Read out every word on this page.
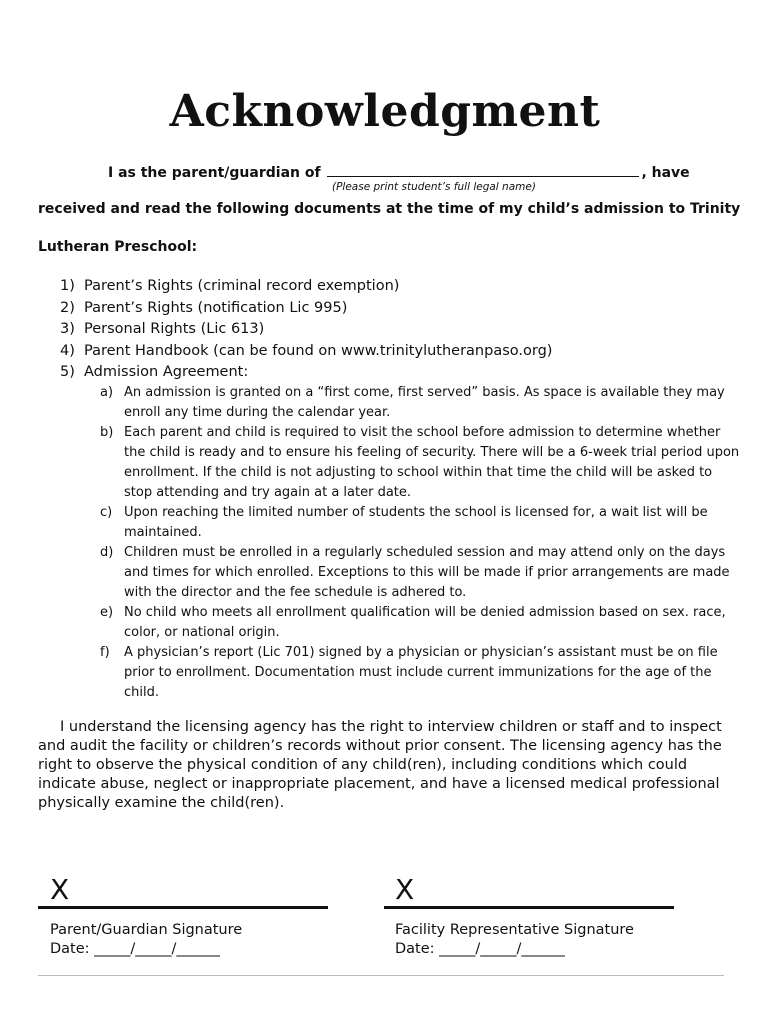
Acknowledgment
I as the parent/guardian of	, have
(Please print student’s full legal name)
received and read the following documents at the time of my child’s admission to Trinity
Lutheran Preschool:
1) Parent’s Rights (criminal record exemption)
2) Parent’s Rights (notification Lic 995)
3) Personal Rights (Lic 613)
4) Parent Handbook (can be found on www.trinitylutheranpaso.org)
5) Admission Agreement:
a) An admission is granted on a “first come, first served” basis. As space is available they may enroll any time during the calendar year.
b) Each parent and child is required to visit the school before admission to determine whether the child is ready and to ensure his feeling of security. There will be a 6-week trial period upon enrollment. If the child is not adjusting to school within that time the child will be asked to stop attending and try again at a later date.
c) Upon reaching the limited number of students the school is licensed for, a wait list will be maintained.
d) Children must be enrolled in a regularly scheduled session and may attend only on the days and times for which enrolled. Exceptions to this will be made if prior arrangements are made with the director and the fee schedule is adhered to.
e) No child who meets all enrollment qualification will be denied admission based on sex. race, color, or national origin.
f) A physician’s report (Lic 701) signed by a physician or physician’s assistant must be on file prior to enrollment. Documentation must include current immunizations for the age of the child.

I understand the licensing agency has the right to interview children or staff and to inspect and audit the facility or children’s records without prior consent. The licensing agency has the right to observe the physical condition of any child(ren), including conditions which could indicate abuse, neglect or inappropriate placement, and have a licensed medical professional physically examine the child(ren).

X
Parent/Guardian Signature
Date: _____/_____/______
X
Facility Representative Signature
Date: _____/_____/______
